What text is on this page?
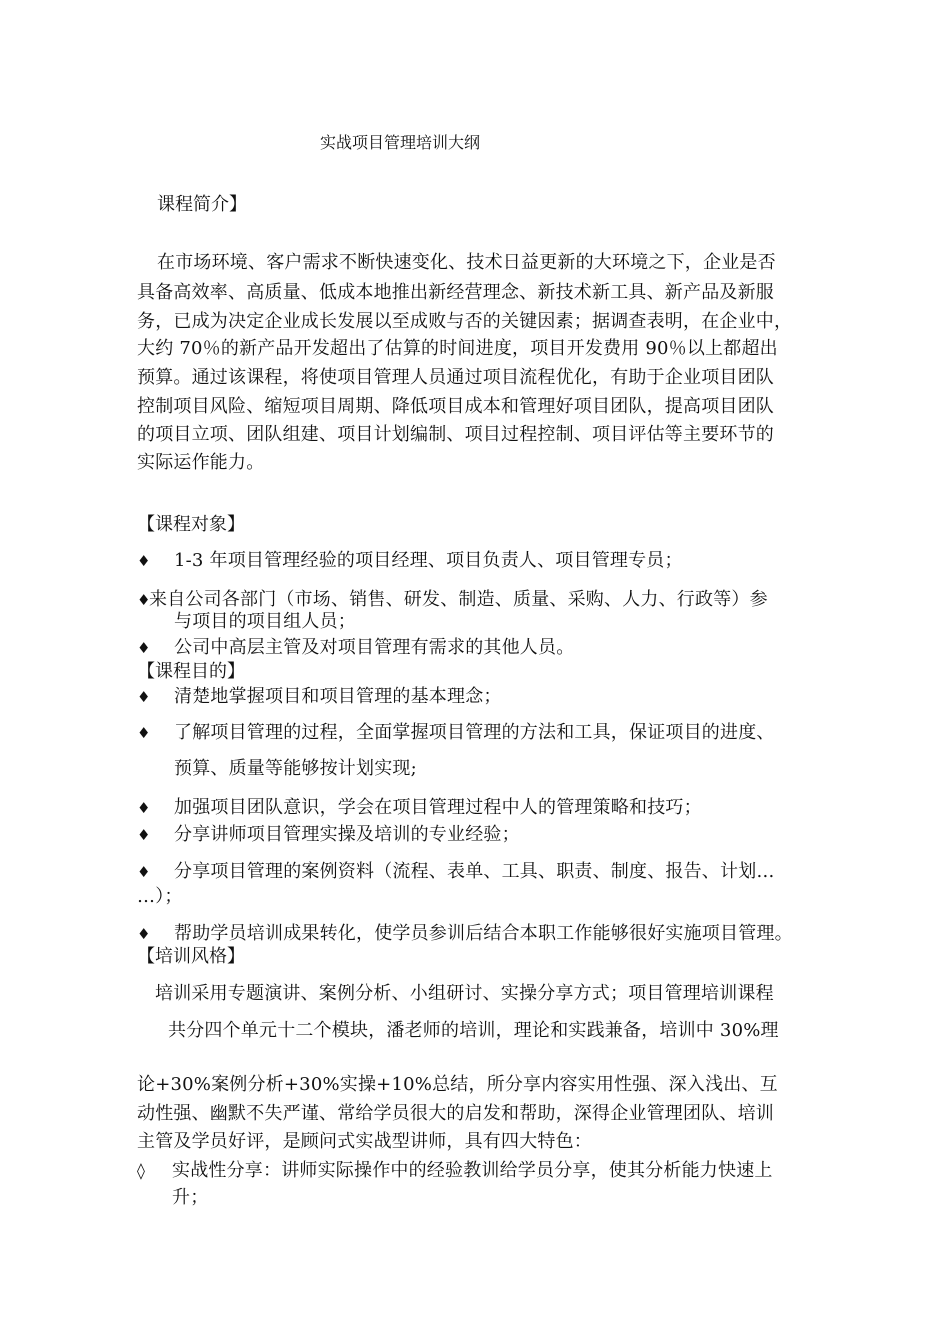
实战项目管理培训大纲
课程简介】
在市场环境、客户需求不断快速变化、技术日益更新的大环境之下，企业是否
具备高效率、高质量、低成本地推出新经营理念、新技术新工具、新产品及新服
务，已成为决定企业成长发展以至成败与否的关键因素；据调查表明，在企业中，
大约 70％的新产品开发超出了估算的时间进度，项目开发费用 90％以上都超出
预算。通过该课程，将使项目管理人员通过项目流程优化，有助于企业项目团队
控制项目风险、缩短项目周期、降低项目成本和管理好项目团队，提高项目团队
的项目立项、团队组建、项目计划编制、项目过程控制、项目评估等主要环节的
实际运作能力。
【课程对象】
♦ 1-3 年项目管理经验的项目经理、项目负责人、项目管理专员；
♦
来自公司各部门（市场、销售、研发、制造、质量、采购、人力、行政等）参
与项目的项目组人员；
♦ 公司中高层主管及对项目管理有需求的其他人员。
【课程目的】
♦ 清楚地掌握项目和项目管理的基本理念；
♦ 了解项目管理的过程，全面掌握项目管理的方法和工具，保证项目的进度、
预算、质量等能够按计划实现;
♦ 加强项目团队意识，学会在项目管理过程中人的管理策略和技巧；
♦ 分享讲师项目管理实操及培训的专业经验；
♦ 分享项目管理的案例资料（流程、表单、工具、职责、制度、报告、计划…
…）；
♦ 帮助学员培训成果转化，使学员参训后结合本职工作能够很好实施项目管理。
【培训风格】
培训采用专题演讲、案例分析、小组研讨、实操分享方式；项目管理培训课程
共分四个单元十二个模块，潘老师的培训，理论和实践兼备，培训中 30%理
论+30%案例分析+30%实操+10%总结，所分享内容实用性强、深入浅出、互
动性强、幽默不失严谨、常给学员很大的启发和帮助，深得企业管理团队、培训
主管及学员好评，是顾问式实战型讲师，具有四大特色：
◊ 实战性分享：讲师实际操作中的经验教训给学员分享，使其分析能力快速上
升；
